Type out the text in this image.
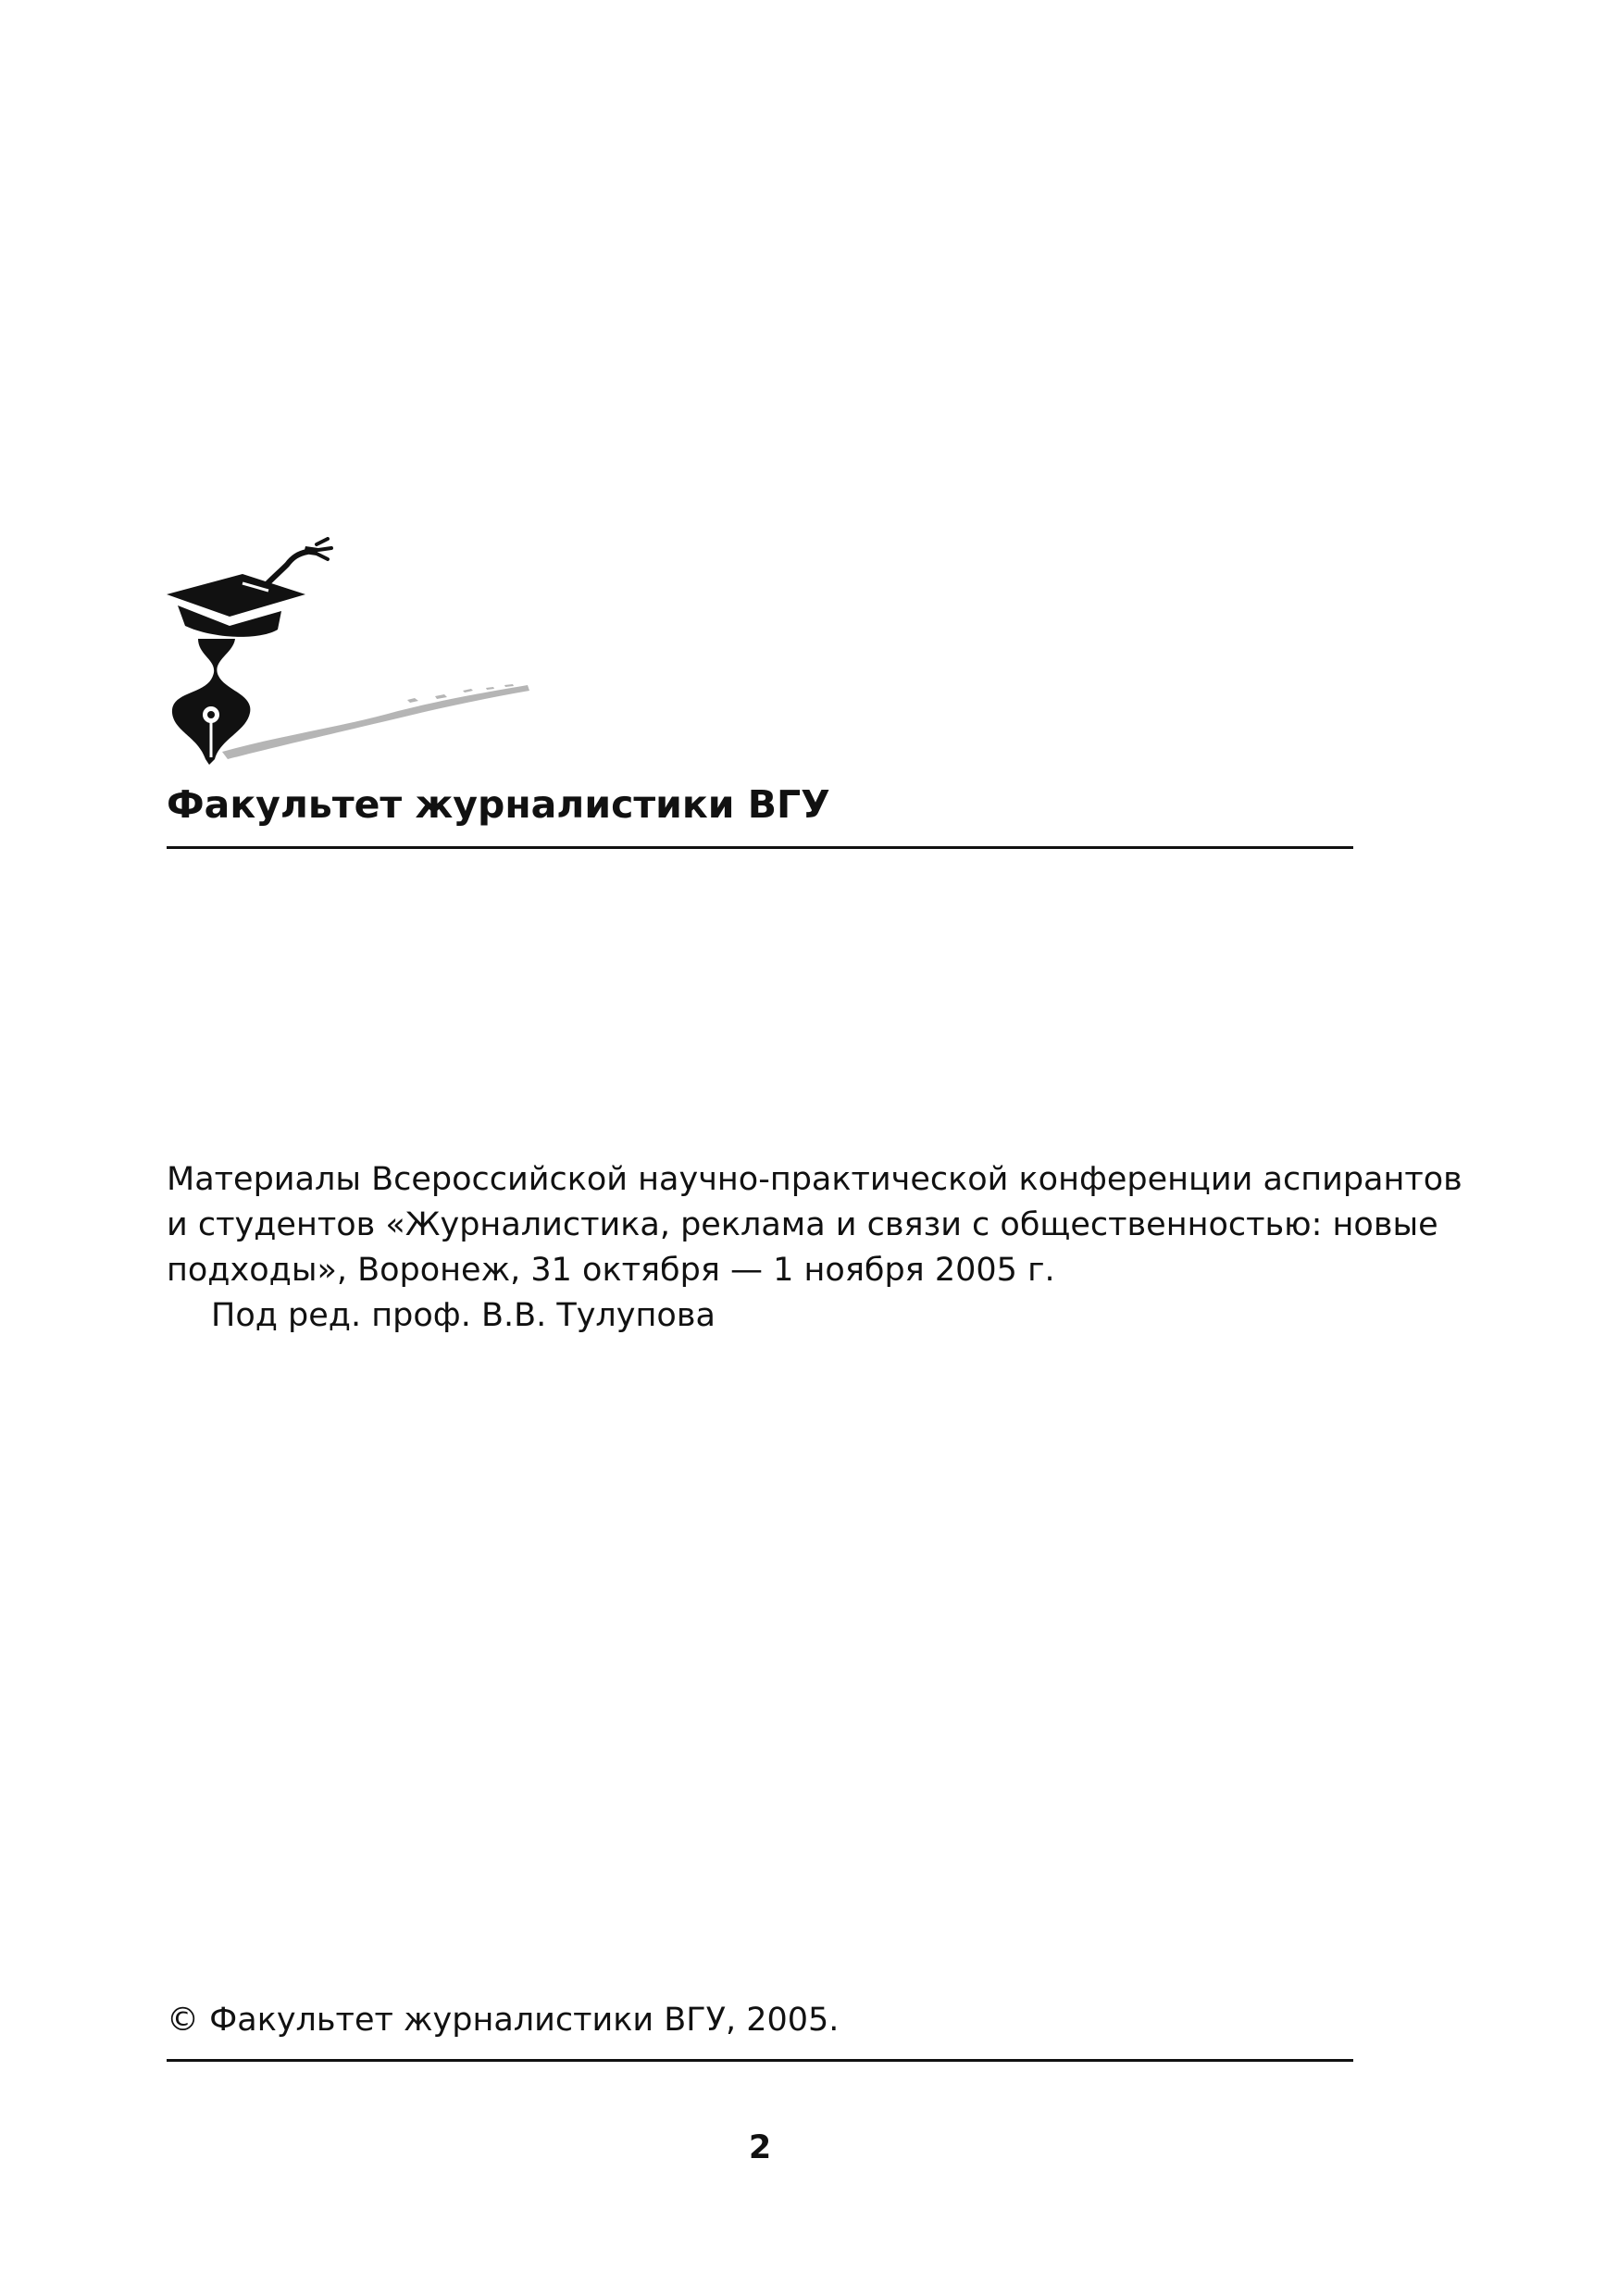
Факультет журналистики ВГУ

Материалы Всероссийской научно-практической конференции аспирантов

и студентов «Журналистика, реклама и связи с общественностью: новые

подходы», Воронеж, 31 октября — 1 ноября 2005 г.

Под ред. проф. В.В. Тулупова

© Факультет журналистики ВГУ, 2005.
2
